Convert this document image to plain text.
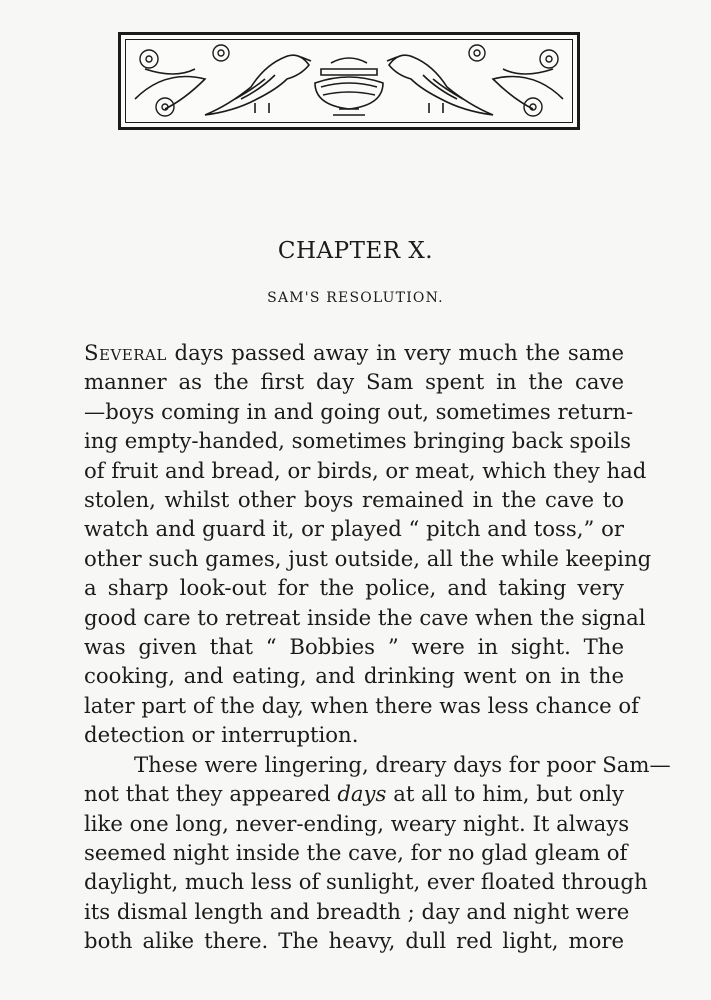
CHAPTER X.
SAM'S RESOLUTION.
Several days passed away in very much the same
manner as the first day Sam spent in the cave
—boys coming in and going out, sometimes return-
ing empty-handed, sometimes bringing back spoils
of fruit and bread, or birds, or meat, which they had
stolen, whilst other boys remained in the cave to
watch and guard it, or played “ pitch and toss,” or
other such games, just outside, all the while keeping
a sharp look-out for the police, and taking very
good care to retreat inside the cave when the signal
was given that “ Bobbies ” were in sight. The
cooking, and eating, and drinking went on in the
later part of the day, when there was less chance of
detection or interruption.
These were lingering, dreary days for poor Sam—
not that they appeared days at all to him, but only
like one long, never-ending, weary night. It always
seemed night inside the cave, for no glad gleam of
daylight, much less of sunlight, ever floated through
its dismal length and breadth ; day and night were
both alike there. The heavy, dull red light, more
